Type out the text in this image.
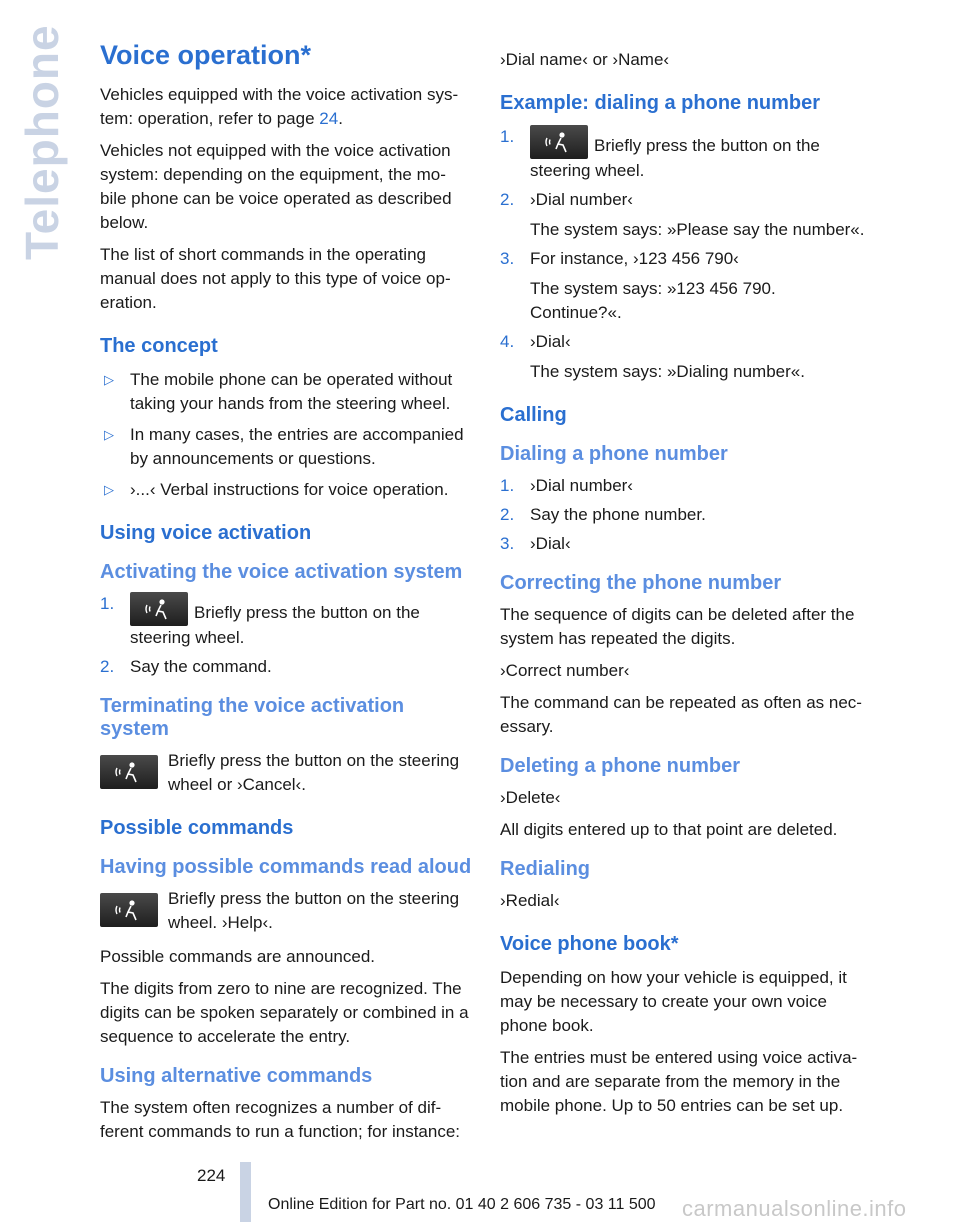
Telephone Voice operation*

Vehicles equipped with the voice activation sys-tem: operation, refer to page 24.

Vehicles not equipped with the voice activation system: depending on the equipment, the mo-bile phone can be voice operated as described below.

The list of short commands in the operating manual does not apply to this type of voice op-eration.

The concept
▷ The mobile phone can be operated without taking your hands from the steering wheel.
▷ In many cases, the entries are accompanied by announcements or questions.
▷ ›...‹ Verbal instructions for voice operation.
Using voice activation
Activating the voice activation system
1.	Briefly press the button on the steering wheel.
2. Say the command.
Terminating the voice activation system

Briefly press the button on the steering wheel or ›Cancel‹.

Possible commands
Having possible commands read aloud

Briefly press the button on the steering wheel. ›Help‹.

Possible commands are announced.

The digits from zero to nine are recognized. The digits can be spoken separately or combined in a sequence to accelerate the entry.

Using alternative commands

The system often recognizes a number of dif-ferent commands to run a function; for instance:

›Dial name‹ or ›Name‹

Example: dialing a phone number
1.	Briefly press the button on the steering wheel.
2. ›Dial number‹
The system says: »Please say the number«.
3. For instance, ›123 456 790‹
The system says: »123 456 790. Continue?«.
4. ›Dial‹
The system says: »Dialing number«.
Calling
Dialing a phone number
1. ›Dial number‹
2. Say the phone number.
3. ›Dial‹
Correcting the phone number

The sequence of digits can be deleted after the system has repeated the digits.

›Correct number‹

The command can be repeated as often as nec-essary.

Deleting a phone number

›Delete‹

All digits entered up to that point are deleted.

Redialing

›Redial‹

Voice phone book*

Depending on how your vehicle is equipped, it may be necessary to create your own voice phone book.

The entries must be entered using voice activa-tion and are separate from the memory in the mobile phone. Up to 50 entries can be set up.

224
Online Edition for Part no. 01 40 2 606 735 - 03 11 500 carmanualsonline.info
